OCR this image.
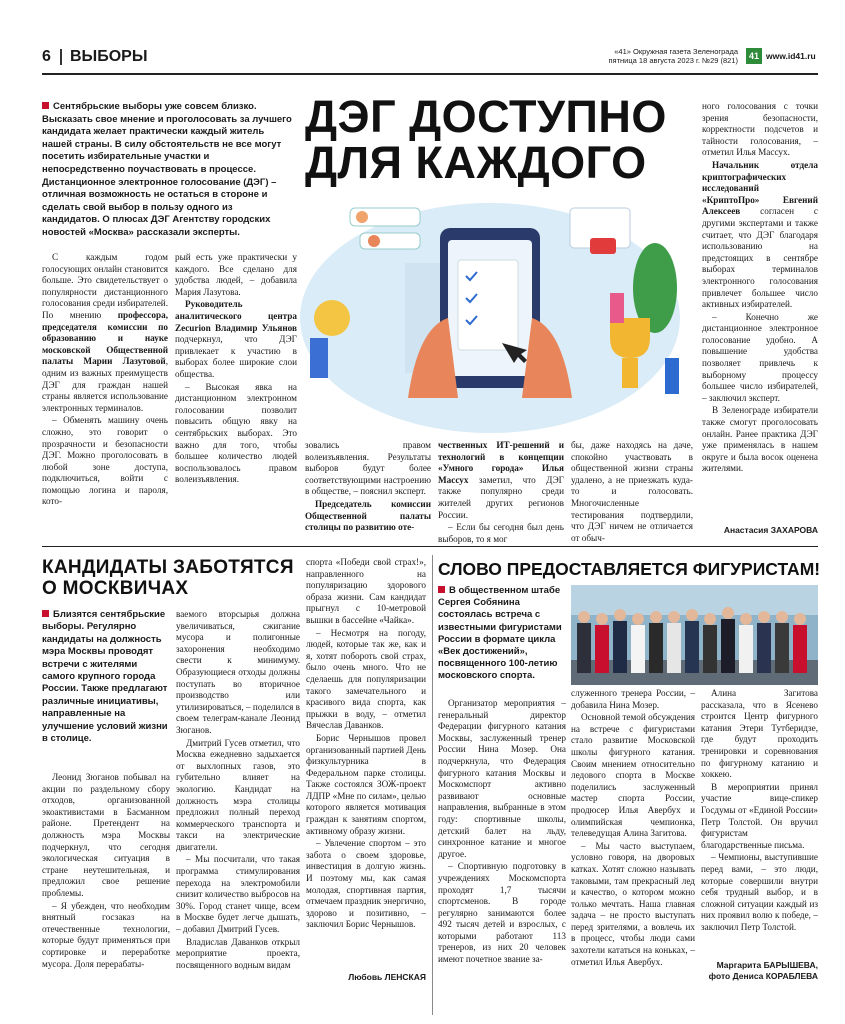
6 ВЫБОРЫ	«41» Окружная газета Зеленограда
пятница 18 августа 2023 г. №29 (821)	41 www.id41.ru
Сентябрьские выборы уже совсем близко. Высказать свое мнение и проголосовать за лучшего кандидата желает практически каждый житель нашей страны. В силу обстоятельств не все могут посетить избирательные участки и непосредственно поучаствовать в процессе. Дистанционное электронное голосование (ДЭГ) – отличная возможность не остаться в стороне и сделать свой выбор в пользу одного из кандидатов. О плюсах ДЭГ Агентству городских новостей «Москва» рассказали эксперты.
ДЭГ ДОСТУПНО
ДЛЯ КАЖДОГО

С каждым годом голосующих онлайн становится больше. Это свидетельствует о популярности дистанционного голосования среди избирателей. По мнению профессора, председателя комиссии по образованию и науке московской Общественной палаты Марии Лазутовой, одним из важных преимуществ ДЭГ для граждан нашей страны является использование электронных терминалов.

– Обменять машину очень сложно, это говорит о прозрачности и безопасности ДЭГ. Можно проголосовать в любой зоне доступа, подключиться, войти с помощью логина и пароля, кото-

рый есть уже практически у каждого. Все сделано для удобства людей, – добавила Мария Лазутова.

Руководитель аналитического центра Zecurion Владимир Ульянов подчеркнул, что ДЭГ привлекает к участию в выборах более широкие слои общества.

– Высокая явка на дистанционном электронном голосовании позволит повысить общую явку на сентябрьских выборах. Это важно для того, чтобы большее количество людей воспользовалось правом волеизъявления.

зовались правом волеизъявления. Результаты выборов будут более соответствующими настроению в обществе, – пояснил эксперт.

Председатель комиссии Общественной палаты столицы по развитию оте-

чественных ИТ-решений и технологий в концепции «Умного города» Илья Массух заметил, что ДЭГ также популярно среди жителей других регионов России.

– Если бы сегодня был день выборов, то я мог

бы, даже находясь на даче, спокойно участвовать в общественной жизни страны удалено, а не приезжать куда-то и голосовать. Многочисленные тестирования подтвердили, что ДЭГ ничем не отличается от обыч-

ного голосования с точки зрения безопасности, корректности подсчетов и тайности голосования, – отметил Илья Массух.

Начальник отдела криптографических исследований «КриптоПро» Евгений Алексеев согласен с другими экспертами и также считает, что ДЭГ благодаря использованию на предстоящих в сентябре выборах терминалов электронного голосования привлечет большее число активных избирателей.

– Конечно же дистанционное электронное голосование удобно. А повышение удобства позволяет привлечь к выборному процессу большее число избирателей, – заключил эксперт.

В Зеленограде избиратели также смогут проголосовать онлайн. Ранее практика ДЭГ уже применялась в нашем округе и была восок оценена жителями.

Анастасия ЗАХАРОВА
КАНДИДАТЫ ЗАБОТЯТСЯ
О МОСКВИЧАХ
Близятся сентябрьские выборы. Регулярно кандидаты на должность мэра Москвы проводят встречи с жителями самого крупного города России. Также предлагают различные инициативы, направленные на улучшение условий жизни в столице.

Леонид Зюганов побывал на акции по раздельному сбору отходов, организованной экоактивистами в Басманном районе. Претендент на должность мэра Москвы подчеркнул, что сегодня экологическая ситуация в стране неутешительная, и предложил свое решение проблемы.

– Я убежден, что необходим внятный госзаказ на отечественные технологии, которые будут применяться при сортировке и переработке мусора. Доля перерабаты-

ваемого вторсырья должна увеличиваться, сжигание мусора и полигонные захоронения необходимо свести к минимуму. Образующиеся отходы должны поступать во вторичное производство или утилизироваться, – поделился в своем телеграм-канале Леонид Зюганов.

Дмитрий Гусев отметил, что Москва ежедневно задыхается от выхлопных газов, это губительно влияет на экологию. Кандидат на должность мэра столицы предложил полный переход коммерческого транспорта и такси на электрические двигатели.

– Мы посчитали, что такая программа стимулирования перехода на электромобили снизит количество выбросов на 30%. Город станет чище, всем в Москве будет легче дышать, – добавил Дмитрий Гусев.

Владислав Даванков открыл мероприятие проекта, посвященного водным видам

спорта «Победи свой страх!», направленного на популяризацию здорового образа жизни. Сам кандидат прыгнул с 10-метровой вышки в бассейне «Чайка».

– Несмотря на погоду, людей, которые так же, как и я, хотят побороть свой страх, было очень много. Что не сделаешь для популяризации такого замечательного и красивого вида спорта, как прыжки в воду, – отметил Вячеслав Даванков.

Борис Чернышов провел организованный партией День физкультурника в Федеральном парке столицы. Также состоялся ЗОЖ-проект ЛДПР «Мне по силам», целью которого является мотивация граждан к занятиям спортом, активному образу жизни.

– Увлечение спортом – это забота о своем здоровье, инвестиция в долгую жизнь. И поэтому мы, как самая молодая, спортивная партия, отмечаем праздник энергично, здорово и позитивно, – заключил Борис Чернышов.

Любовь ЛЕНСКАЯ
СЛОВО ПРЕДОСТАВЛЯЕТСЯ ФИГУРИСТАМ!
В общественном штабе Сергея Собянина состоялась встреча с известными фигуристами России в формате цикла «Век достижений», посвященного 100-летию московского спорта.

Организатор мероприятия – генеральный директор Федерации фигурного катания Москвы, заслуженный тренер России Нина Мозер. Она подчеркнула, что Федерация фигурного катания Москвы и Москомспорт активно развивают основные направления, выбранные в этом году: спортивные школы, детский балет на льду, синхронное катание и многое другое.

– Спортивную подготовку в учреждениях Москомспорта проходят 1,7 тысячи спортсменов. В городе регулярно занимаются более 492 тысяч детей и взрослых, с которыми работают 113 тренеров, из них 20 человек имеют почетное звание за-

служенного тренера России, – добавила Нина Мозер.

Основной темой обсуждения на встрече с фигуристами стало развитие Московской школы фигурного катания. Своим мнением относительно ледового спорта в Москве поделились заслуженный мастер спорта России, продюсер Илья Авербух и олимпийская чемпионка, телеведущая Алина Загитова.

– Мы часто выступаем, условно говоря, на дворовых катках. Хотят сложно называть таковыми, там прекрасный лед и качество, о котором можно только мечтать. Наша главная задача – не просто выступать перед зрителями, а вовлечь их в процесс, чтобы люди сами захотели кататься на коньках, – отметил Илья Авербух.

Алина Загитова рассказала, что в Ясенево строится Центр фигурного катания Этери Тутберидзе, где будут проходить тренировки и соревнования по фигурному катанию и хоккею.

В мероприятии принял участие вице-спикер Госдумы от «Единой России» Петр Толстой. Он вручил фигуристам благодарственные письма.

– Чемпионы, выступившие перед вами, – это люди, которые совершили внутри себя трудный выбор, и в сложной ситуации каждый из них проявил волю к победе, – заключил Петр Толстой.

Маргарита БАРЫШЕВА,
фото Дениса КОРАБЛЕВА
